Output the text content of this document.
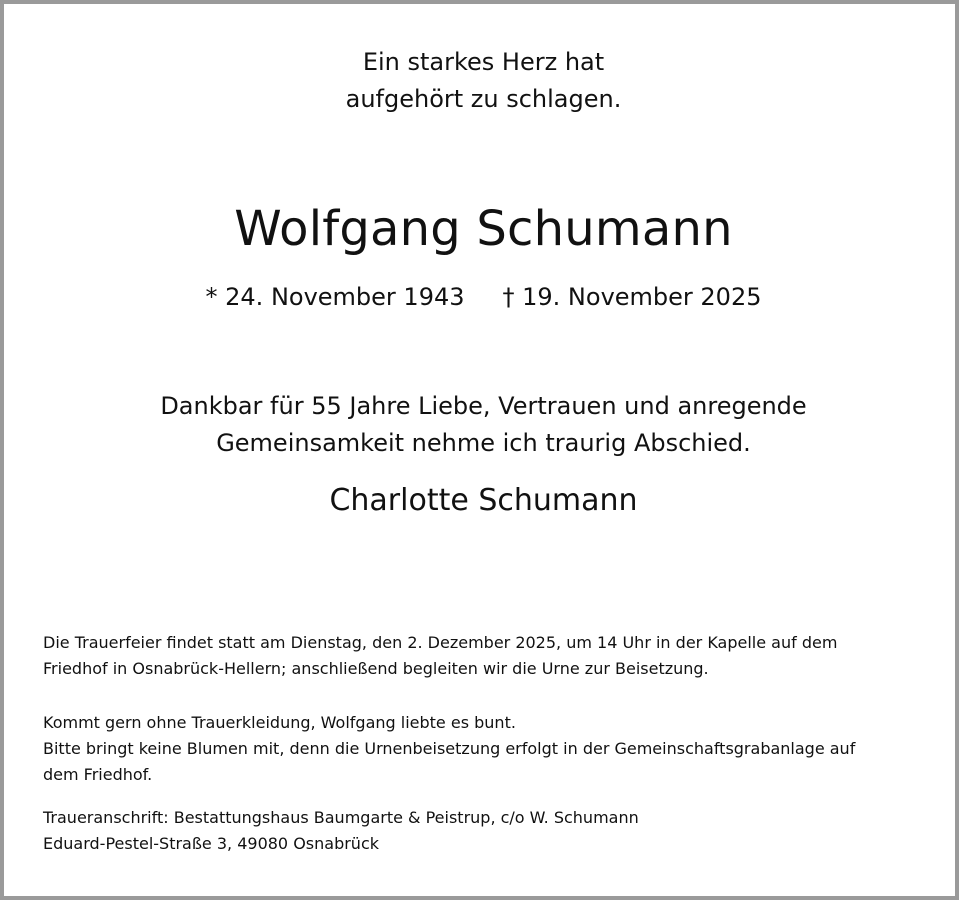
Ein starkes Herz hat
aufgehört zu schlagen.
Wolfgang Schumann
* 24. November 1943 † 19. November 2025
Dankbar für 55 Jahre Liebe, Vertrauen und anregende
Gemeinsamkeit nehme ich traurig Abschied.
Charlotte Schumann
Die Trauerfeier findet statt am Dienstag, den 2. Dezember 2025, um 14 Uhr in der Kapelle auf dem
Friedhof in Osnabrück-Hellern; anschließend begleiten wir die Urne zur Beisetzung.
Kommt gern ohne Trauerkleidung, Wolfgang liebte es bunt.
Bitte bringt keine Blumen mit, denn die Urnenbeisetzung erfolgt in der Gemeinschaftsgrabanlage auf
dem Friedhof.
Traueranschrift: Bestattungshaus Baumgarte & Peistrup, c/o W. Schumann
Eduard-Pestel-Straße 3, 49080 Osnabrück
